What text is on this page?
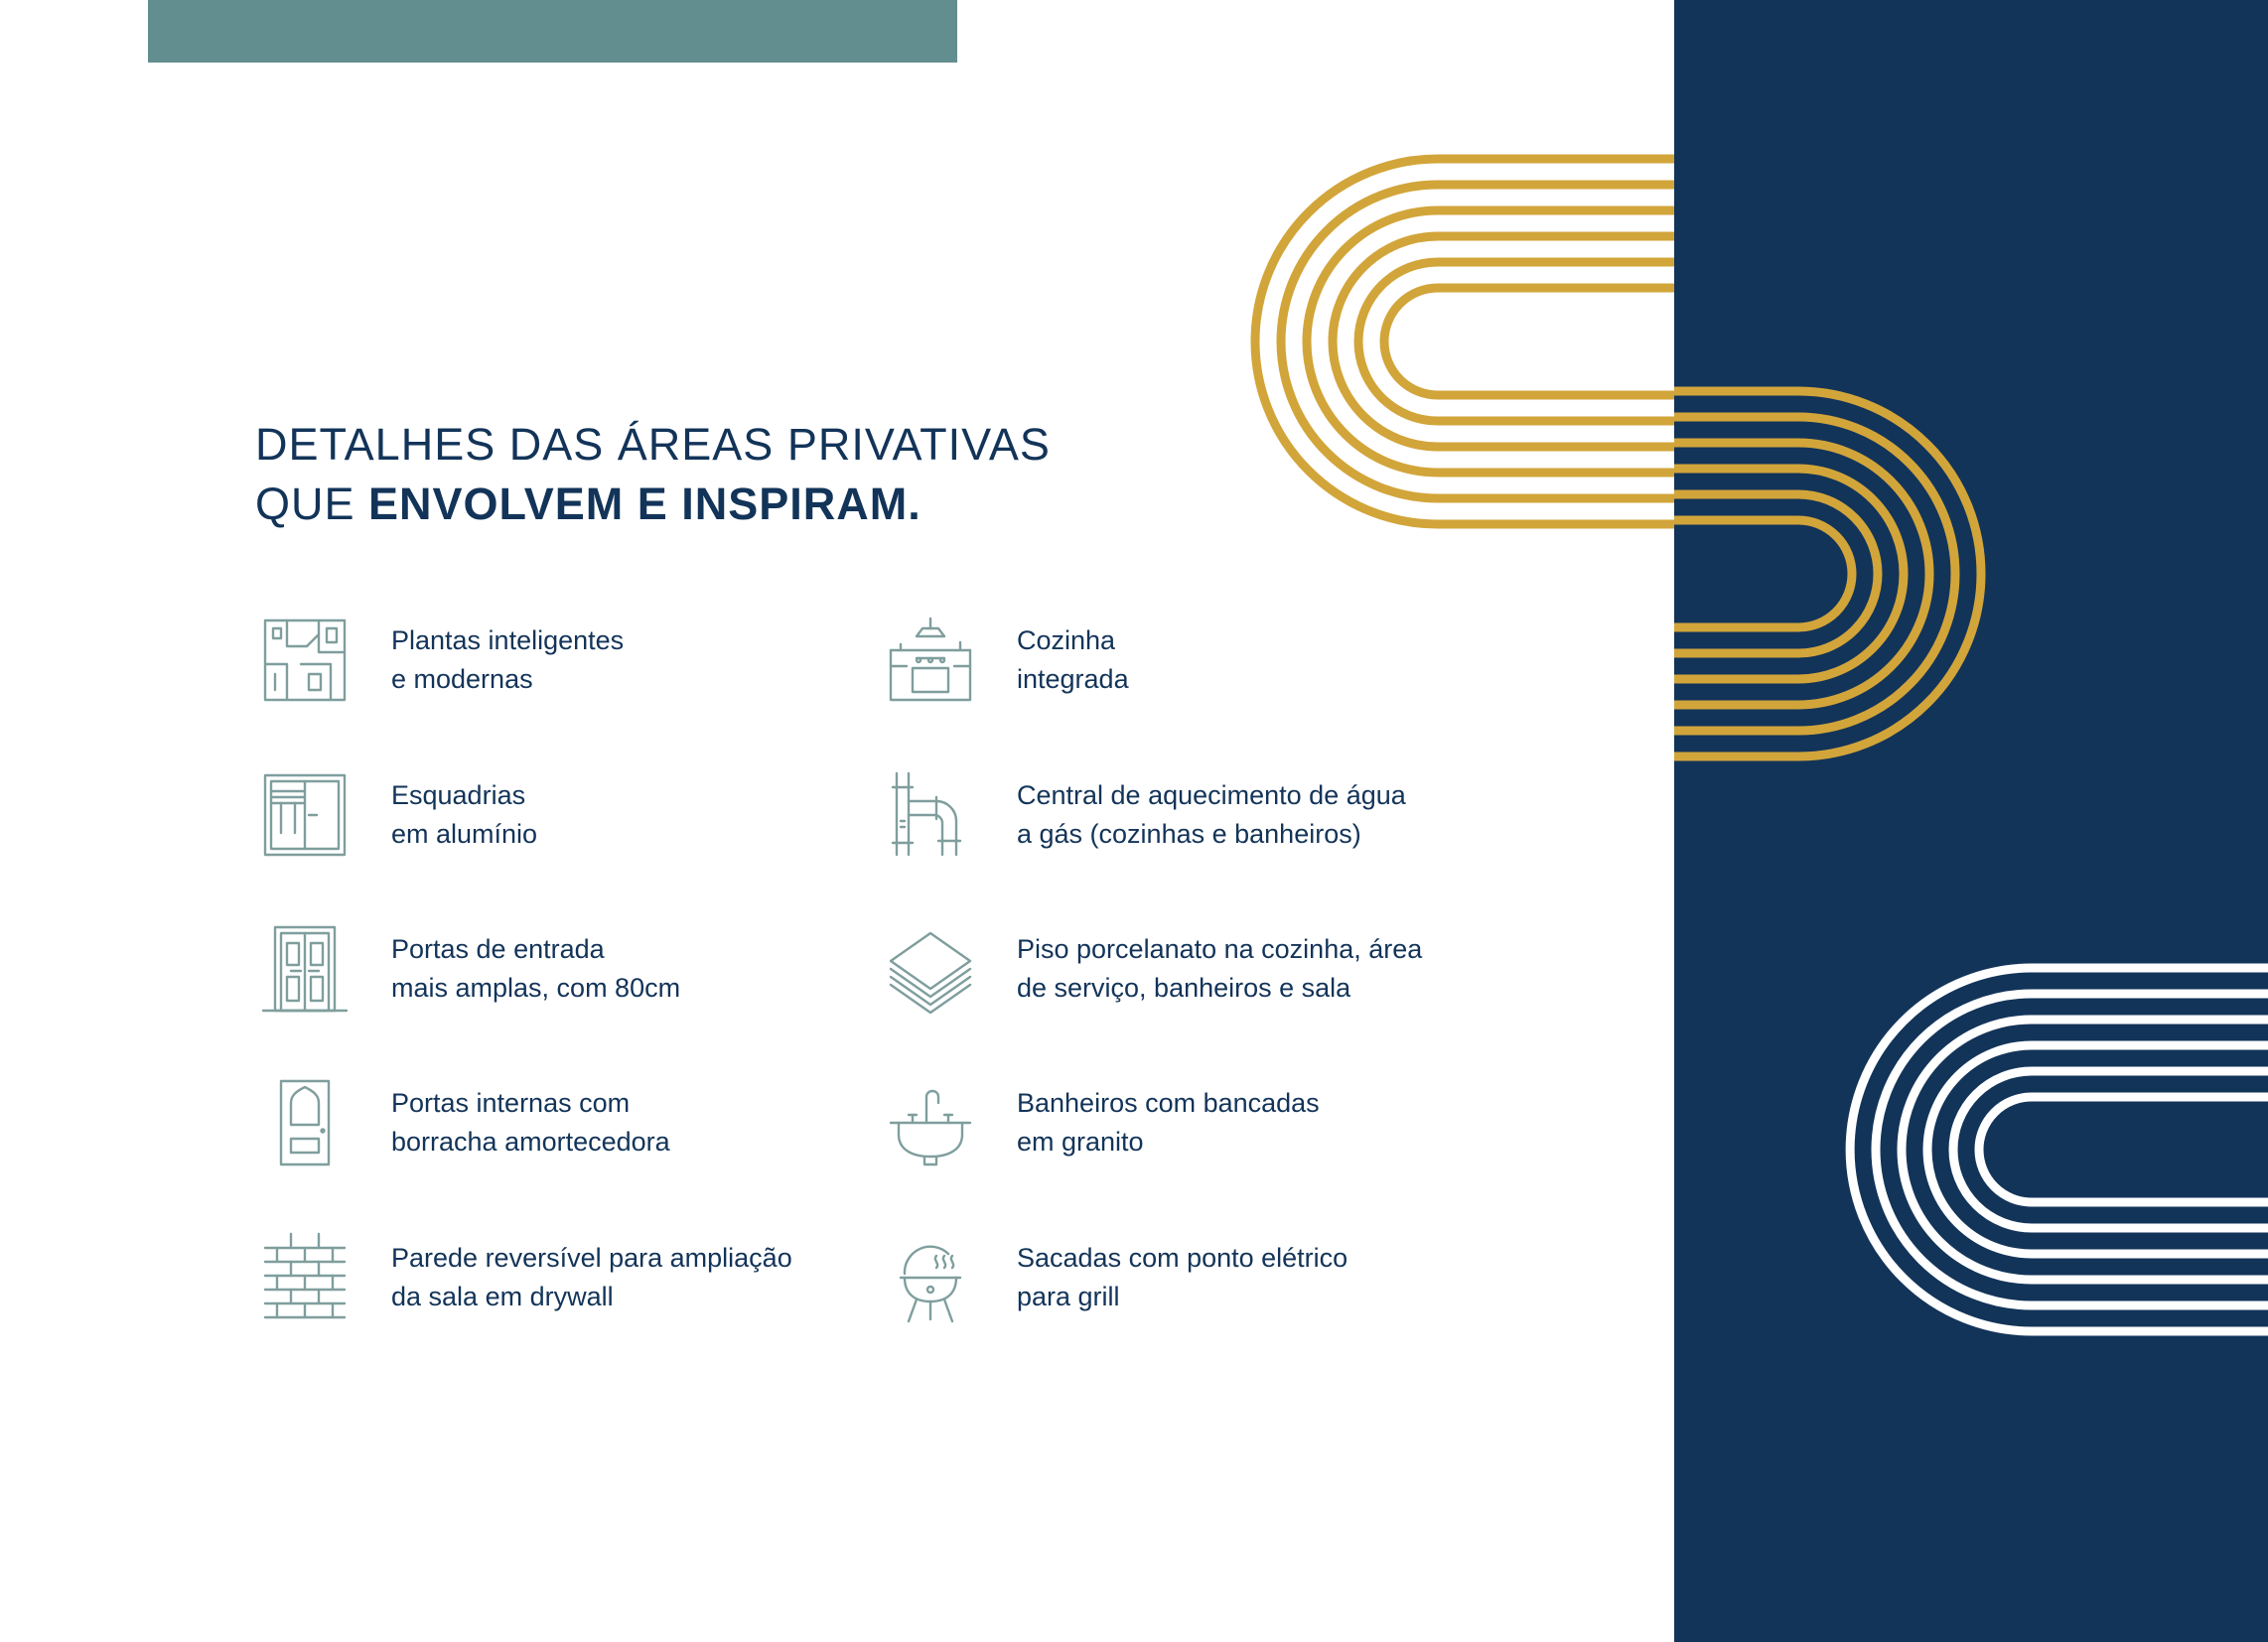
DETALHES DAS ÁREAS PRIVATIVAS
QUE ENVOLVEM E INSPIRAM.
Plantas inteligentes
e modernas
Cozinha
integrada
Esquadrias
em alumínio
Central de aquecimento de água
a gás (cozinhas e banheiros)
Portas de entrada
mais amplas, com 80cm
Piso porcelanato na cozinha, área
de serviço, banheiros e sala
Portas internas com
borracha amortecedora
Banheiros com bancadas
em granito
Parede reversível para ampliação
da sala em drywall
Sacadas com ponto elétrico
para grill
